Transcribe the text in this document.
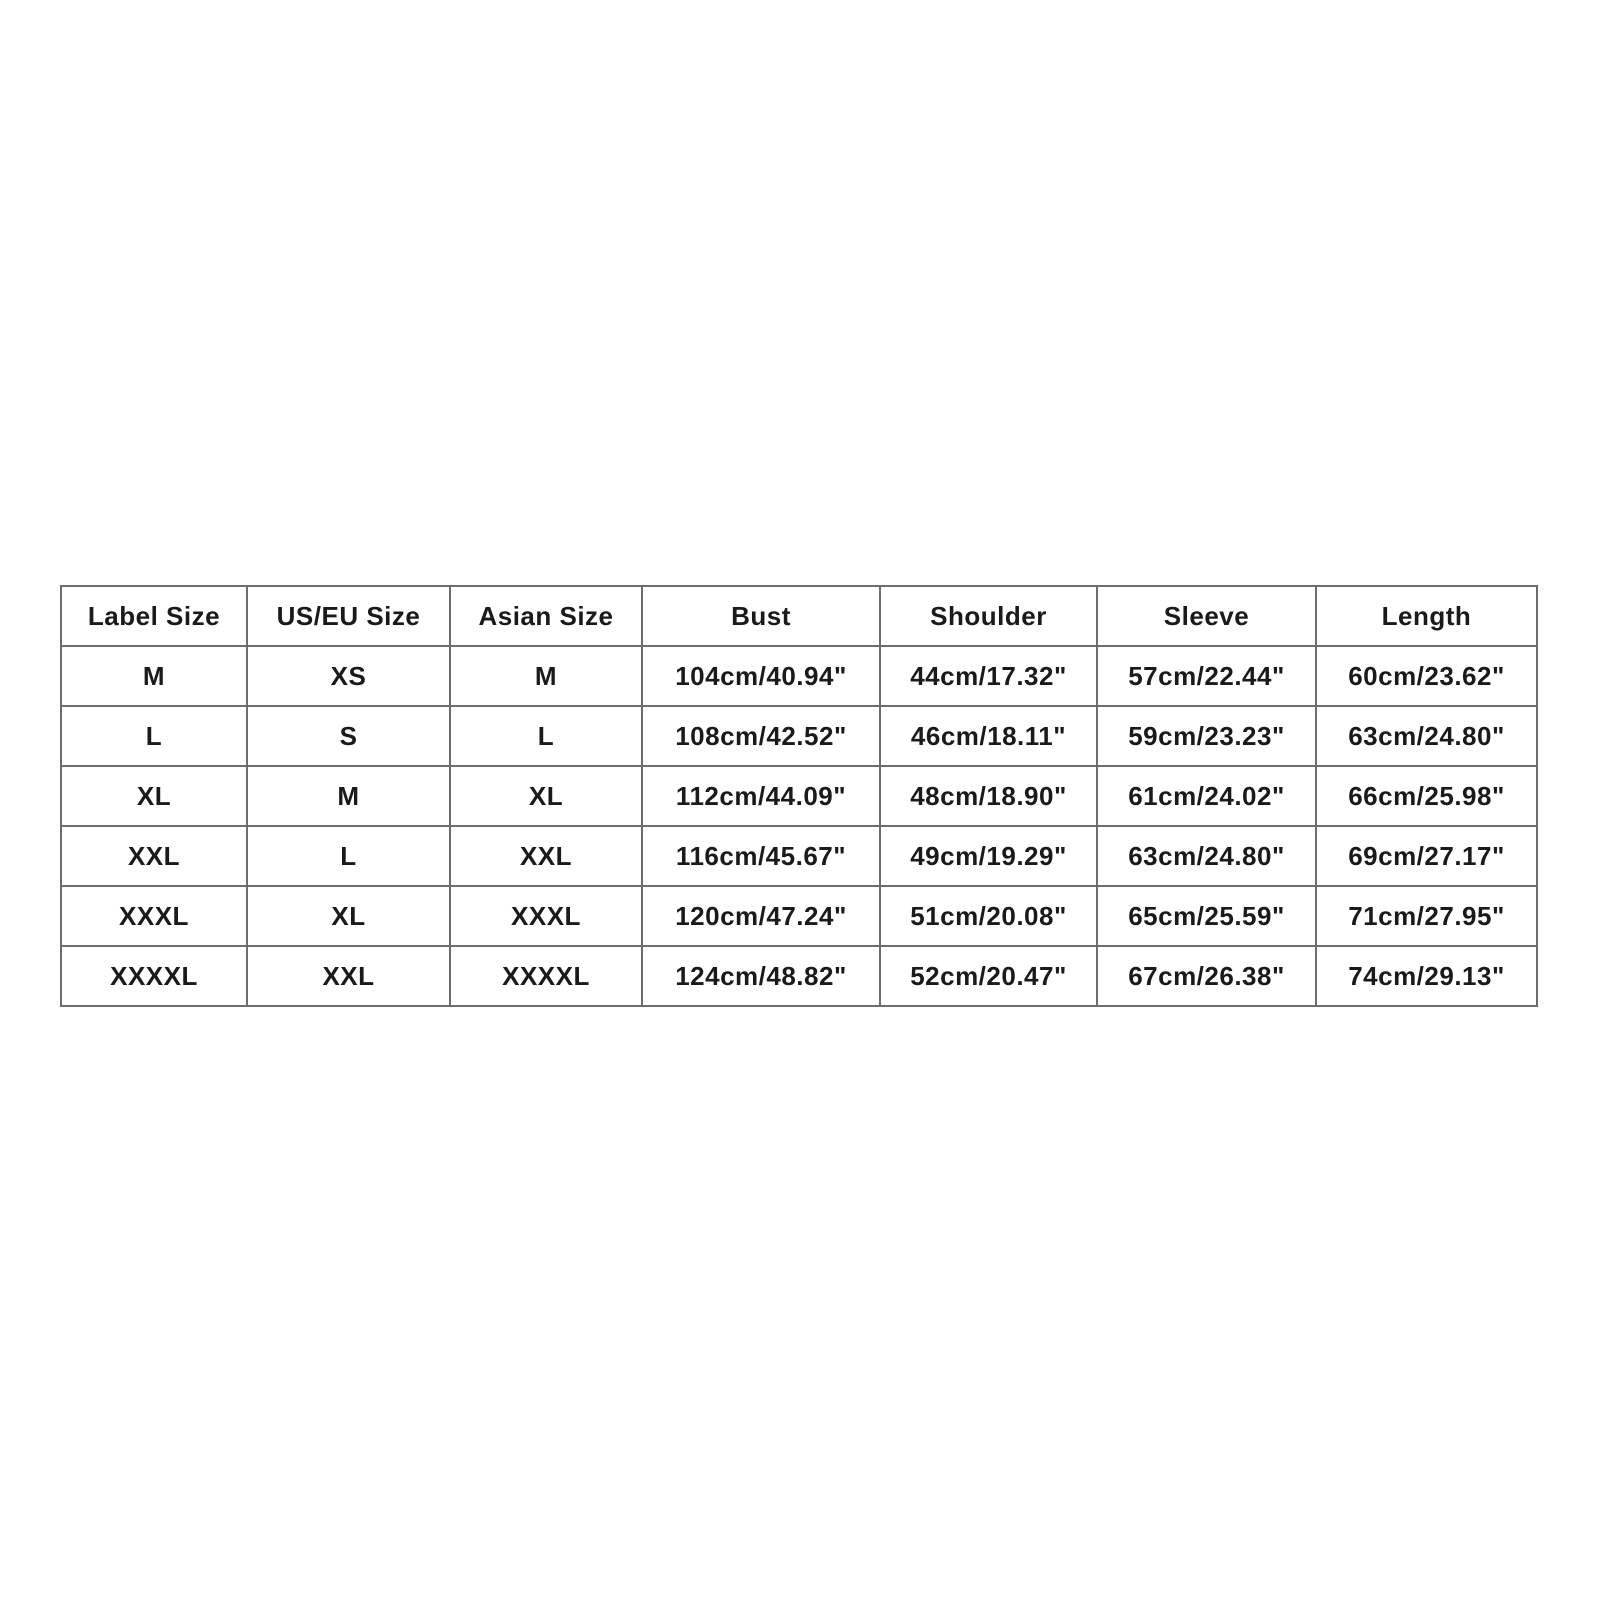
Label Size	US/EU Size	Asian Size	Bust	Shoulder	Sleeve	Length
M	XS	M	104cm/40.94"	44cm/17.32"	57cm/22.44"	60cm/23.62"
L	S	L	108cm/42.52"	46cm/18.11"	59cm/23.23"	63cm/24.80"
XL	M	XL	112cm/44.09"	48cm/18.90"	61cm/24.02"	66cm/25.98"
XXL	L	XXL	116cm/45.67"	49cm/19.29"	63cm/24.80"	69cm/27.17"
XXXL	XL	XXXL	120cm/47.24"	51cm/20.08"	65cm/25.59"	71cm/27.95"
XXXXL	XXL	XXXXL	124cm/48.82"	52cm/20.47"	67cm/26.38"	74cm/29.13"
